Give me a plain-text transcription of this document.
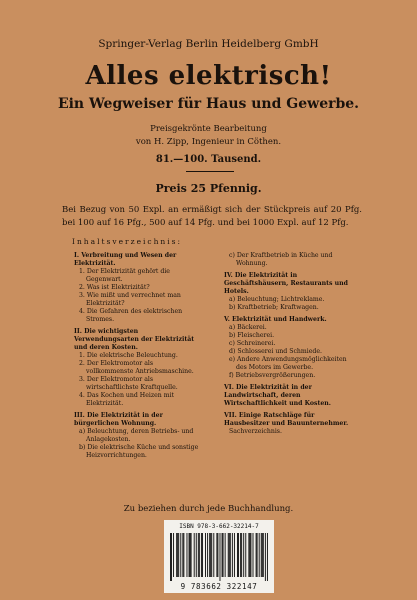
Springer-Verlag Berlin Heidelberg GmbH
Alles elektrisch!
Ein Wegweiser für Haus und Gewerbe.
Preisgekrönte Bearbeitung
von H. Zipp, Ingenieur in Cöthen.
81.—100. Tausend.
Preis 25 Pfennig.
Bei Bezug von 50 Expl. an ermäßigt sich der Stückpreis auf 20 Pfg. bei 100 auf 16 Pfg., 500 auf 14 Pfg. und bei 1000 Expl. auf 12 Pfg.
Inhaltsverzeichnis:
I. Verbreitung und Wesen der Elektrizität.
1. Der Elektrizität gehört die Gegenwart.
2. Was ist Elektrizität?
3. Wie mißt und verrechnet man Elektrizität?
4. Die Gefahren des elektrischen Stromes.
II. Die wichtigsten Verwendungsarten der Elektrizität und deren Kosten.
1. Die elektrische Beleuchtung.
2. Der Elektromotor als vollkommenste Antriebsmaschine.
3. Der Elektromotor als wirtschaftlichste Kraftquelle.
4. Das Kochen und Heizen mit Elektrizität.
III. Die Elektrizität in der bürgerlichen Wohnung.
a) Beleuchtung, deren Betriebs- und Anlagekosten.
b) Die elektrische Küche und sonstige Heizvorrichtungen.
c) Der Kraftbetrieb in Küche und Wohnung.
IV. Die Elektrizität in Geschäftshäusern, Restaurants und Hotels.
a) Beleuchtung; Lichtreklame.
b) Kraftbetrieb; Kraftwagen.
V. Elektrizität und Handwerk.
a) Bäckerei.
b) Fleischerei.
c) Schreinerei.
d) Schlosserei und Schmiede.
e) Andere Anwendungsmöglichkeiten des Motors im Gewerbe.
f) Betriebsvergrößerungen.
VI. Die Elektrizität in der Landwirtschaft, deren Wirtschaftlichkeit und Kosten.
VII. Einige Ratschläge für Hausbesitzer und Bauunternehmer.
Sachverzeichnis.
Zu beziehen durch jede Buchhandlung.
ISBN 978-3-662-32214-7
9 783662 322147
